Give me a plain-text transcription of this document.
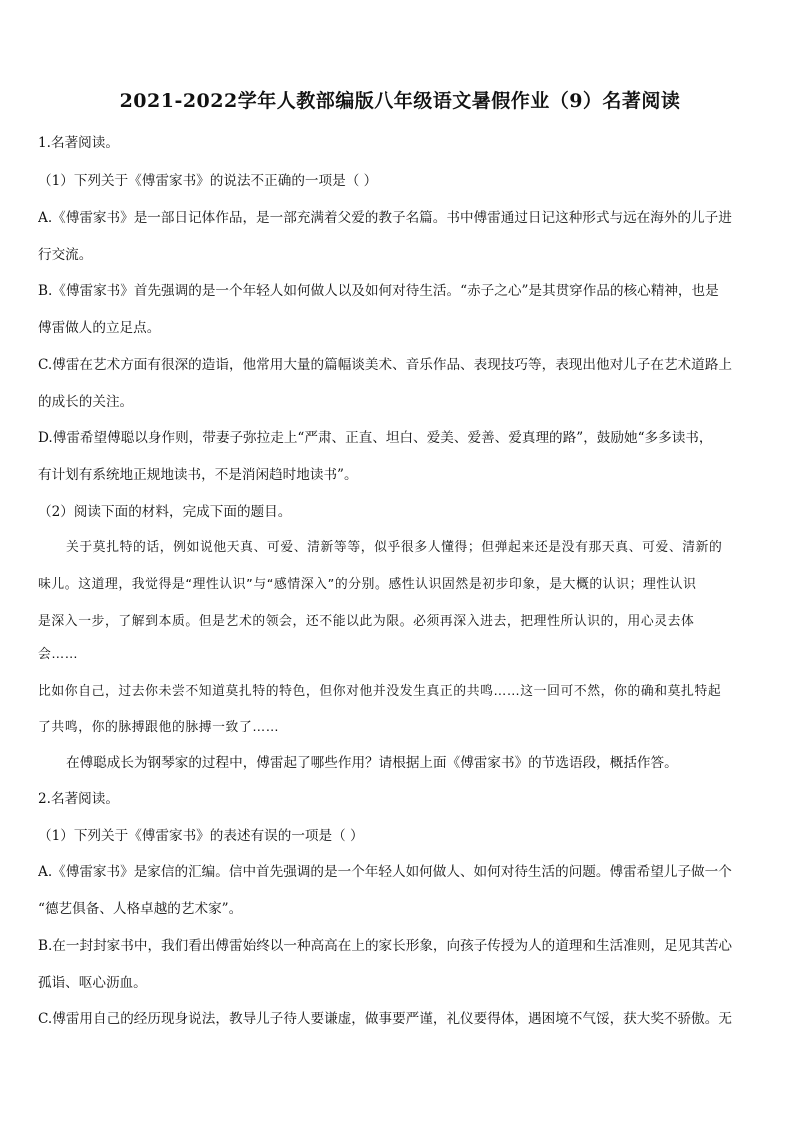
2021-2022学年人教部编版八年级语文暑假作业（9）名著阅读
1.名著阅读。
（1）下列关于《傅雷家书》的说法不正确的一项是（ ）
A.《傅雷家书》是一部日记体作品，是一部充满着父爱的教子名篇。书中傅雷通过日记这种形式与远在海外的儿子进
行交流。
B.《傅雷家书》首先强调的是一个年轻人如何做人以及如何对待生活。“赤子之心”是其贯穿作品的核心精神，也是
傅雷做人的立足点。
C.傅雷在艺术方面有很深的造诣，他常用大量的篇幅谈美术、音乐作品、表现技巧等，表现出他对儿子在艺术道路上
的成长的关注。
D.傅雷希望傅聪以身作则，带妻子弥拉走上“严肃、正直、坦白、爱美、爱善、爱真理的路”，鼓励她“多多读书，
有计划有系统地正规地读书，不是消闲趋时地读书”。
（2）阅读下面的材料，完成下面的题目。
关于莫扎特的话，例如说他天真、可爱、清新等等，似乎很多人懂得；但弹起来还是没有那天真、可爱、清新的
味儿。这道理，我觉得是“理性认识”与“感情深入”的分别。感性认识固然是初步印象，是大概的认识；理性认识
是深入一步，了解到本质。但是艺术的领会，还不能以此为限。必须再深入进去，把理性所认识的，用心灵去体
会……
比如你自己，过去你未尝不知道莫扎特的特色，但你对他并没发生真正的共鸣……这一回可不然，你的确和莫扎特起
了共鸣，你的脉搏跟他的脉搏一致了……
在傅聪成长为钢琴家的过程中，傅雷起了哪些作用？请根据上面《傅雷家书》的节选语段，概括作答。
2.名著阅读。
（1）下列关于《傅雷家书》的表述有误的一项是（ ）
A.《傅雷家书》是家信的汇编。信中首先强调的是一个年轻人如何做人、如何对待生活的问题。傅雷希望儿子做一个
“德艺俱备、人格卓越的艺术家”。
B.在一封封家书中，我们看出傅雷始终以一种高高在上的家长形象，向孩子传授为人的道理和生活准则，足见其苦心
孤诣、呕心沥血。
C.傅雷用自己的经历现身说法，教导儿子待人要谦虚，做事要严谨，礼仪要得体，遇困境不气馁，获大奖不骄傲。无
